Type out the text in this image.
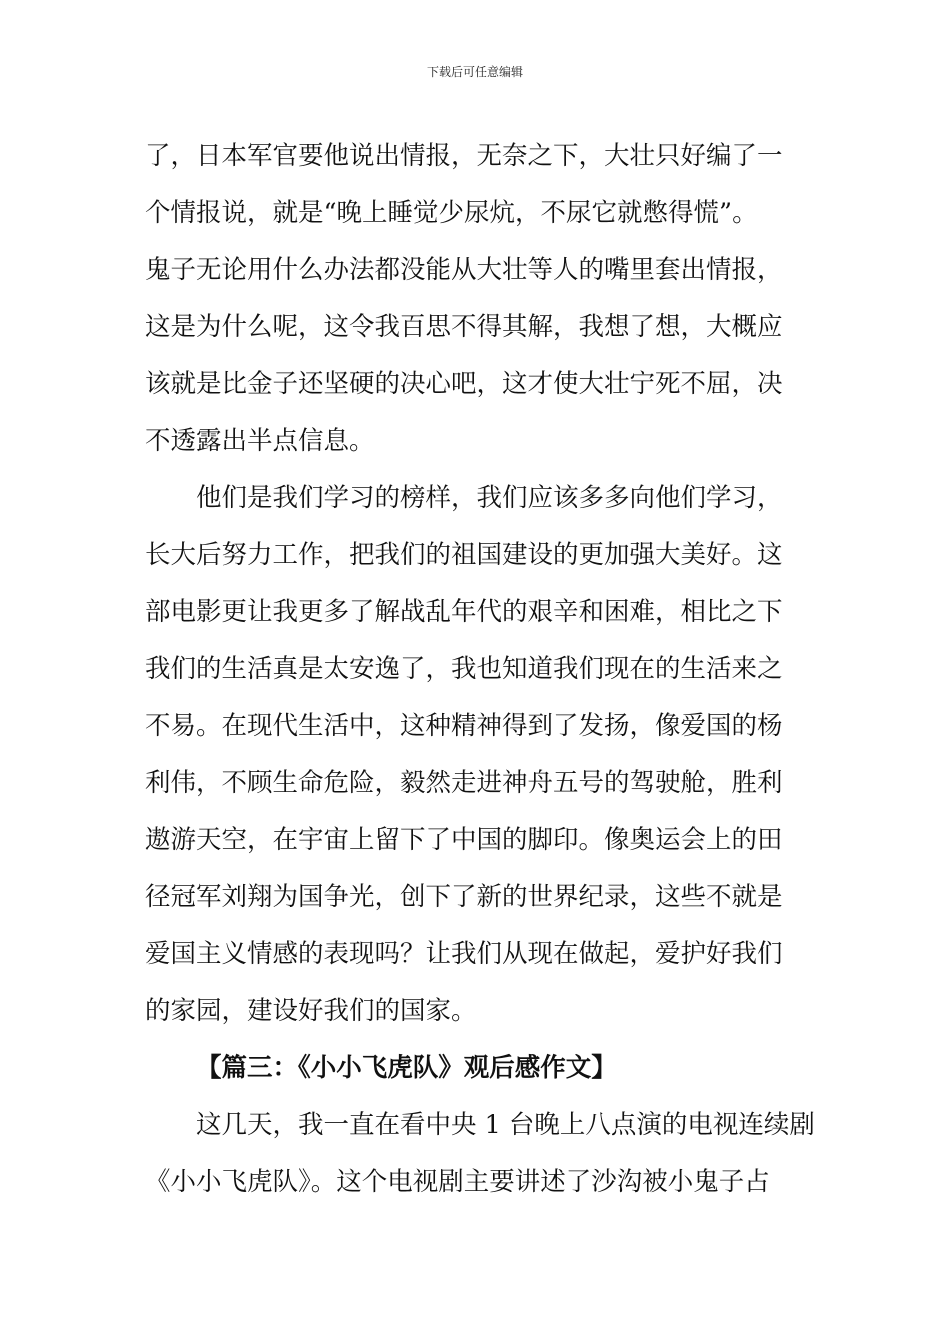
下载后可任意编辑
了，日本军官要他说出情报，无奈之下，大壮只好编了一
个情报说，就是“晚上睡觉少尿炕，不尿它就憋得慌”。
鬼子无论用什么办法都没能从大壮等人的嘴里套出情报，
这是为什么呢，这令我百思不得其解，我想了想，大概应
该就是比金子还坚硬的决心吧，这才使大壮宁死不屈，决
不透露出半点信息。
他们是我们学习的榜样，我们应该多多向他们学习，
长大后努力工作，把我们的祖国建设的更加强大美好。这
部电影更让我更多了解战乱年代的艰辛和困难，相比之下
我们的生活真是太安逸了，我也知道我们现在的生活来之
不易。在现代生活中，这种精神得到了发扬，像爱国的杨
利伟，不顾生命危险，毅然走进神舟五号的驾驶舱，胜利
遨游天空，在宇宙上留下了中国的脚印。像奥运会上的田
径冠军刘翔为国争光，创下了新的世界纪录，这些不就是
爱国主义情感的表现吗？让我们从现在做起，爱护好我们
的家园，建设好我们的国家。
【篇三：《小小飞虎队》观后感作文】
这几天，我一直在看中央 1 台晚上八点演的电视连续剧
《小小飞虎队》。这个电视剧主要讲述了沙沟被小鬼子占
